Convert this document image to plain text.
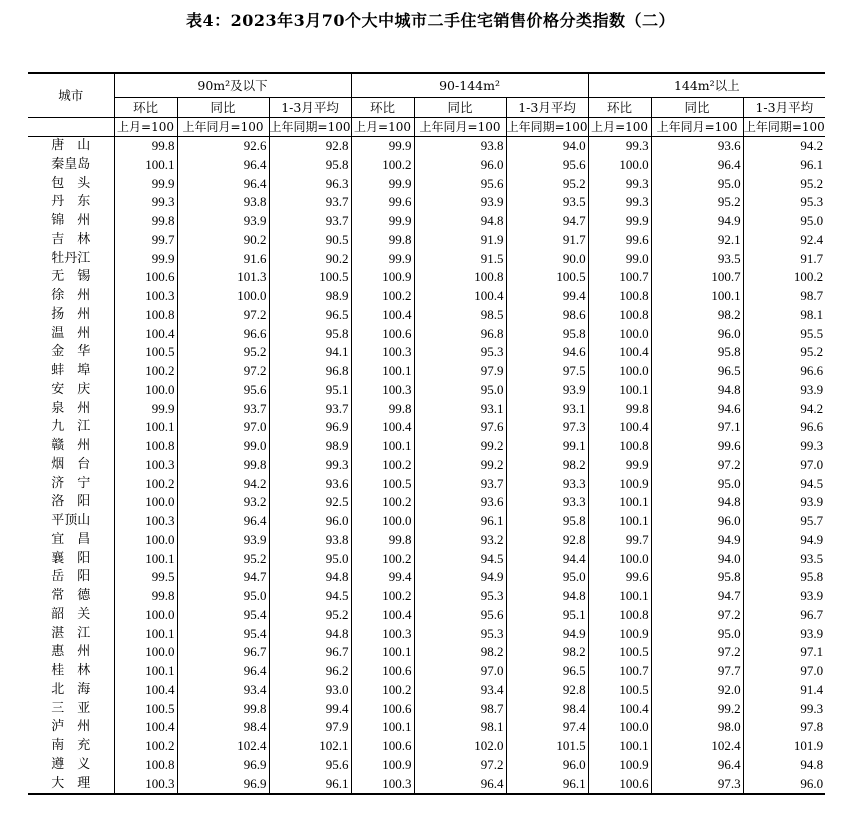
表4：2023年3月70个大中城市二手住宅销售价格分类指数（二）
城市	90m²及以下			90-144m²			144m²以上		
	环比	同比	1-3月平均	环比	同比	1-3月平均	环比	同比	1-3月平均
	上月=100	上年同月=100	上年同期=100	上月=100	上年同月=100	上年同期=100	上月=100	上年同月=100	上年同期=100
唐　山	99.8	92.6	92.8	99.9	93.8	94.0	99.3	93.6	94.2
秦皇岛	100.1	96.4	95.8	100.2	96.0	95.6	100.0	96.4	96.1
包　头	99.9	96.4	96.3	99.9	95.6	95.2	99.3	95.0	95.2
丹　东	99.3	93.8	93.7	99.6	93.9	93.5	99.3	95.2	95.3
锦　州	99.8	93.9	93.7	99.9	94.8	94.7	99.9	94.9	95.0
吉　林	99.7	90.2	90.5	99.8	91.9	91.7	99.6	92.1	92.4
牡丹江	99.9	91.6	90.2	99.9	91.5	90.0	99.0	93.5	91.7
无　锡	100.6	101.3	100.5	100.9	100.8	100.5	100.7	100.7	100.2
徐　州	100.3	100.0	98.9	100.2	100.4	99.4	100.8	100.1	98.7
扬　州	100.8	97.2	96.5	100.4	98.5	98.6	100.8	98.2	98.1
温　州	100.4	96.6	95.8	100.6	96.8	95.8	100.0	96.0	95.5
金　华	100.5	95.2	94.1	100.3	95.3	94.6	100.4	95.8	95.2
蚌　埠	100.2	97.2	96.8	100.1	97.9	97.5	100.0	96.5	96.6
安　庆	100.0	95.6	95.1	100.3	95.0	93.9	100.1	94.8	93.9
泉　州	99.9	93.7	93.7	99.8	93.1	93.1	99.8	94.6	94.2
九　江	100.1	97.0	96.9	100.4	97.6	97.3	100.4	97.1	96.6
赣　州	100.8	99.0	98.9	100.1	99.2	99.1	100.8	99.6	99.3
烟　台	100.3	99.8	99.3	100.2	99.2	98.2	99.9	97.2	97.0
济　宁	100.2	94.2	93.6	100.5	93.7	93.3	100.9	95.0	94.5
洛　阳	100.0	93.2	92.5	100.2	93.6	93.3	100.1	94.8	93.9
平顶山	100.3	96.4	96.0	100.0	96.1	95.8	100.1	96.0	95.7
宜　昌	100.0	93.9	93.8	99.8	93.2	92.8	99.7	94.9	94.9
襄　阳	100.1	95.2	95.0	100.2	94.5	94.4	100.0	94.0	93.5
岳　阳	99.5	94.7	94.8	99.4	94.9	95.0	99.6	95.8	95.8
常　德	99.8	95.0	94.5	100.2	95.3	94.8	100.1	94.7	93.9
韶　关	100.0	95.4	95.2	100.4	95.6	95.1	100.8	97.2	96.7
湛　江	100.1	95.4	94.8	100.3	95.3	94.9	100.9	95.0	93.9
惠　州	100.0	96.7	96.7	100.1	98.2	98.2	100.5	97.2	97.1
桂　林	100.1	96.4	96.2	100.6	97.0	96.5	100.7	97.7	97.0
北　海	100.4	93.4	93.0	100.2	93.4	92.8	100.5	92.0	91.4
三　亚	100.5	99.8	99.4	100.6	98.7	98.4	100.4	99.2	99.3
泸　州	100.4	98.4	97.9	100.1	98.1	97.4	100.0	98.0	97.8
南　充	100.2	102.4	102.1	100.6	102.0	101.5	100.1	102.4	101.9
遵　义	100.8	96.9	95.6	100.9	97.2	96.0	100.9	96.4	94.8
大　理	100.3	96.9	96.1	100.3	96.4	96.1	100.6	97.3	96.0
